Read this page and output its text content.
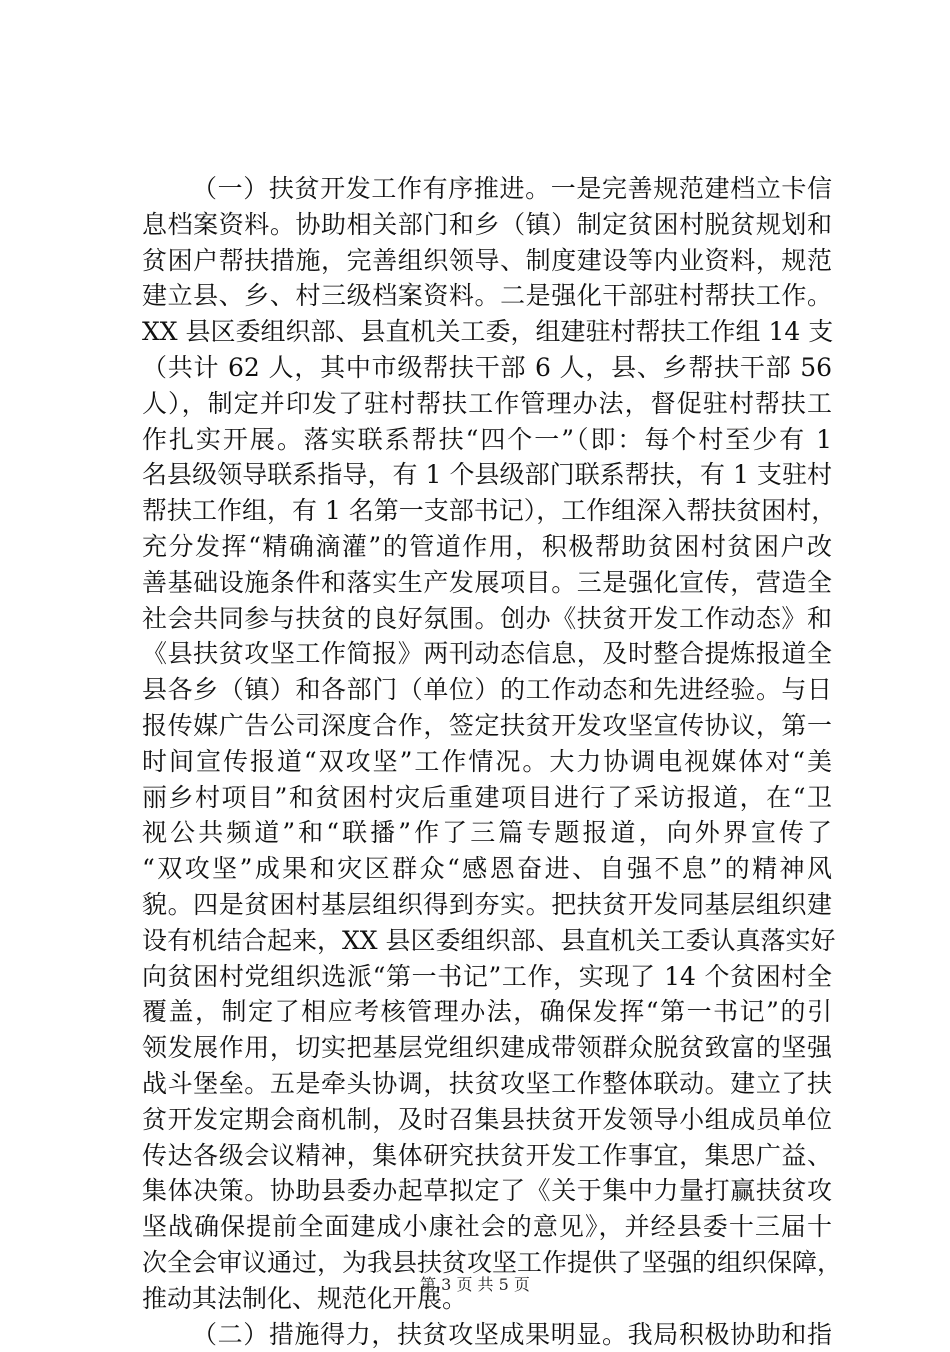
（一）扶贫开发工作有序推进。一是完善规范建档立卡信
息档案资料。协助相关部门和乡（镇）制定贫困村脱贫规划和
贫困户帮扶措施，完善组织领导、制度建设等内业资料，规范
建立县、乡、村三级档案资料。二是强化干部驻村帮扶工作。
XX 县区委组织部、县直机关工委，组建驻村帮扶工作组 14 支
（共计 62 人，其中市级帮扶干部 6 人，县、乡帮扶干部 56
人），制定并印发了驻村帮扶工作管理办法，督促驻村帮扶工
作扎实开展。落实联系帮扶“四个一”（即：每个村至少有 1
名县级领导联系指导，有 1 个县级部门联系帮扶，有 1 支驻村
帮扶工作组，有 1 名第一支部书记），工作组深入帮扶贫困村，
充分发挥“精确滴灌”的管道作用，积极帮助贫困村贫困户改
善基础设施条件和落实生产发展项目。三是强化宣传，营造全
社会共同参与扶贫的良好氛围。创办《扶贫开发工作动态》和
《县扶贫攻坚工作简报》两刊动态信息，及时整合提炼报道全
县各乡（镇）和各部门（单位）的工作动态和先进经验。与日
报传媒广告公司深度合作，签定扶贫开发攻坚宣传协议，第一
时间宣传报道“双攻坚”工作情况。大力协调电视媒体对“美
丽乡村项目”和贫困村灾后重建项目进行了采访报道，在“卫
视公共频道”和“联播”作了三篇专题报道，向外界宣传了
“双攻坚”成果和灾区群众“感恩奋进、自强不息”的精神风
貌。四是贫困村基层组织得到夯实。把扶贫开发同基层组织建
设有机结合起来，XX 县区委组织部、县直机关工委认真落实好
向贫困村党组织选派“第一书记”工作，实现了 14 个贫困村全
覆盖，制定了相应考核管理办法，确保发挥“第一书记”的引
领发展作用，切实把基层党组织建成带领群众脱贫致富的坚强
战斗堡垒。五是牵头协调，扶贫攻坚工作整体联动。建立了扶
贫开发定期会商机制，及时召集县扶贫开发领导小组成员单位
传达各级会议精神，集体研究扶贫开发工作事宜，集思广益、
集体决策。协助县委办起草拟定了《关于集中力量打赢扶贫攻
坚战确保提前全面建成小康社会的意见》，并经县委十三届十
次全会审议通过，为我县扶贫攻坚工作提供了坚强的组织保障，
推动其法制化、规范化开展。
（二）措施得力，扶贫攻坚成果明显。我局积极协助和指
第 3 页 共 5 页
